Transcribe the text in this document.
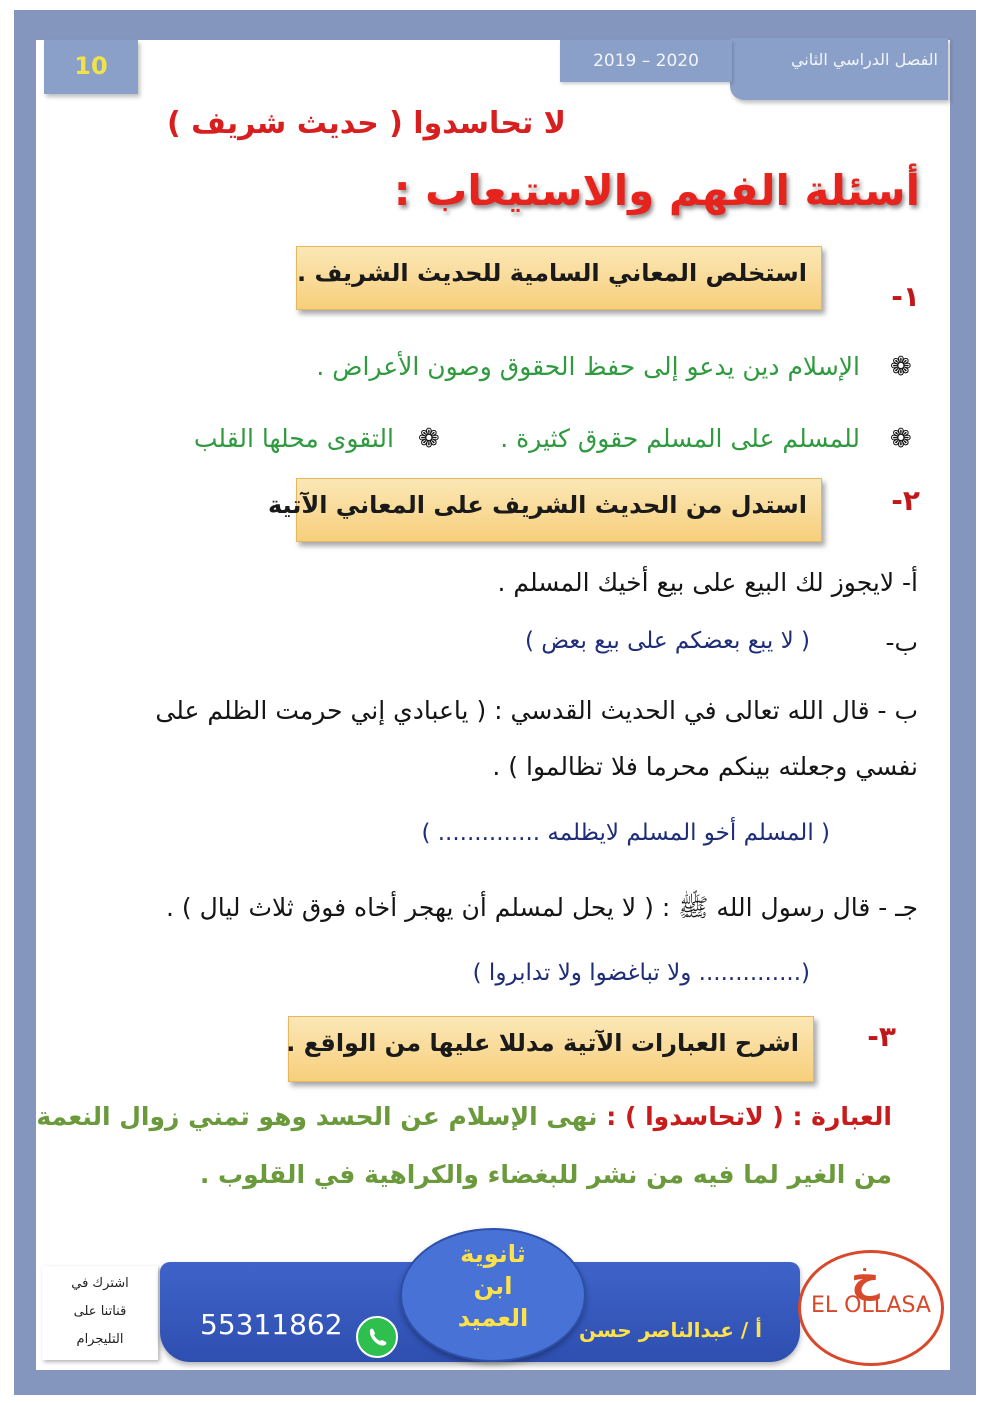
الفصل الدراسي الثاني
2019 – 2020
10
لا تحاسدوا ( حديث شريف )
أسئلة الفهم والاستيعاب :
١-
استخلص المعاني السامية للحديث الشريف .
❁
الإسلام دين يدعو إلى حفظ الحقوق وصون الأعراض .
❁
للمسلم على المسلم حقوق كثيرة .
❁
التقوى محلها القلب
٢-
استدل من الحديث الشريف على المعاني الآتية
أ- لايجوز لك البيع على بيع أخيك المسلم .
ب-
( لا يبع بعضكم على بيع بعض )
ب - قال الله تعالى في الحديث القدسي : ( ياعبادي إني حرمت الظلم على
نفسي وجعلته بينكم محرما فلا تظالموا ) .
( المسلم أخو المسلم لايظلمه .............. )
جـ - قال رسول الله ﷺ : ( لا يحل لمسلم أن يهجر أخاه فوق ثلاث ليال ) .
(.............. ولا تباغضوا ولا تدابروا )
٣-
اشرح العبارات الآتية مدللا عليها من الواقع .
العبارة : ( لاتحاسدوا ) : نهى الإسلام عن الحسد وهو تمني زوال النعمة
من الغير لما فيه من نشر للبغضاء والكراهية في القلوب .
اشترك في
قناتنا على
التليجرام	55311862	أ / عبدالناصر حسن
ثانوية
ابن
العميد
خ
EL OLLASA
